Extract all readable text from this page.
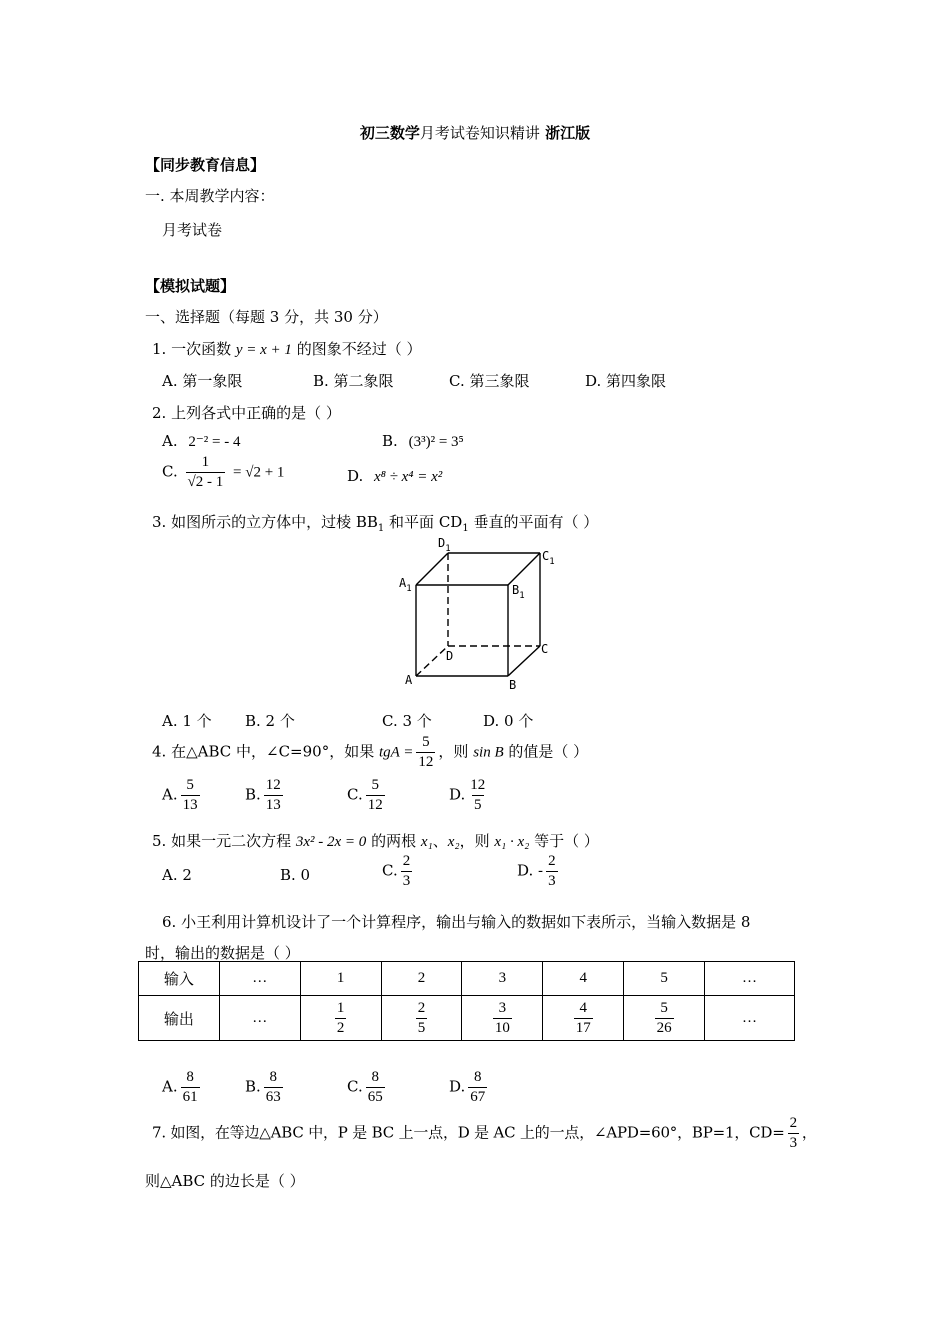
初三数学月考试卷知识精讲 浙江版
【同步教育信息】
一. 本周教学内容：
月考试卷
【模拟试题】
一、选择题（每题 3 分，共 30 分）
1. 一次函数 y = x + 1 的图象不经过（ ）
A. 第一象限	B. 第二象限	C. 第三象限	D. 第四象限
2. 上列各式中正确的是（ ）
A. 2⁻² = - 4	B. (3³)² = 3⁵
C. $\frac{1}{√2 - 1} = √2 + 1$	D. x⁸ ÷ x⁴ = x²
3. 如图所示的立方体中，过棱 $BB_1$ 和平面 $CD_1$ 垂直的平面有（ ）
$D_1$	$C_1$
$A_1$	$B_1$
D	C
A	B
A. 1 个 B. 2 个	C. 3 个	D. 0 个
4. 在△ABC 中，∠C=90°，如果 tgA = $\frac{5}{12}$ ，则 sin B 的值是（ ）
A. $\frac{5}{13}$	B. $\frac{12}{13}$	C. $\frac{5}{12}$	D. $\frac{12}{5}$
5. 如果一元二次方程 3x² - 2x = 0 的两根 x₁、x₂，则 x₁ · x₂ 等于（ ）
A. 2	B. 0	C. $\frac{2}{3}$	D. - $\frac{2}{3}$
6. 小王利用计算机设计了一个计算程序，输出与输入的数据如下表所示，当输入数据是 8
时，输出的数据是（ ）
输入	…	1	2	3	4	5	…
输出	…	$\frac{1}{2}$	$\frac{2}{5}$	$\frac{3}{10}$	$\frac{4}{17}$	$\frac{5}{26}$	…
A. $\frac{8}{61}$	B. $\frac{8}{63}$	C. $\frac{8}{65}$	D. $\frac{8}{67}$
7. 如图，在等边△ABC 中，P 是 BC 上一点，D 是 AC 上的一点，∠APD=60°，BP=1，$CD= \frac{2}{3}$ ，
则△ABC 的边长是（ ）
